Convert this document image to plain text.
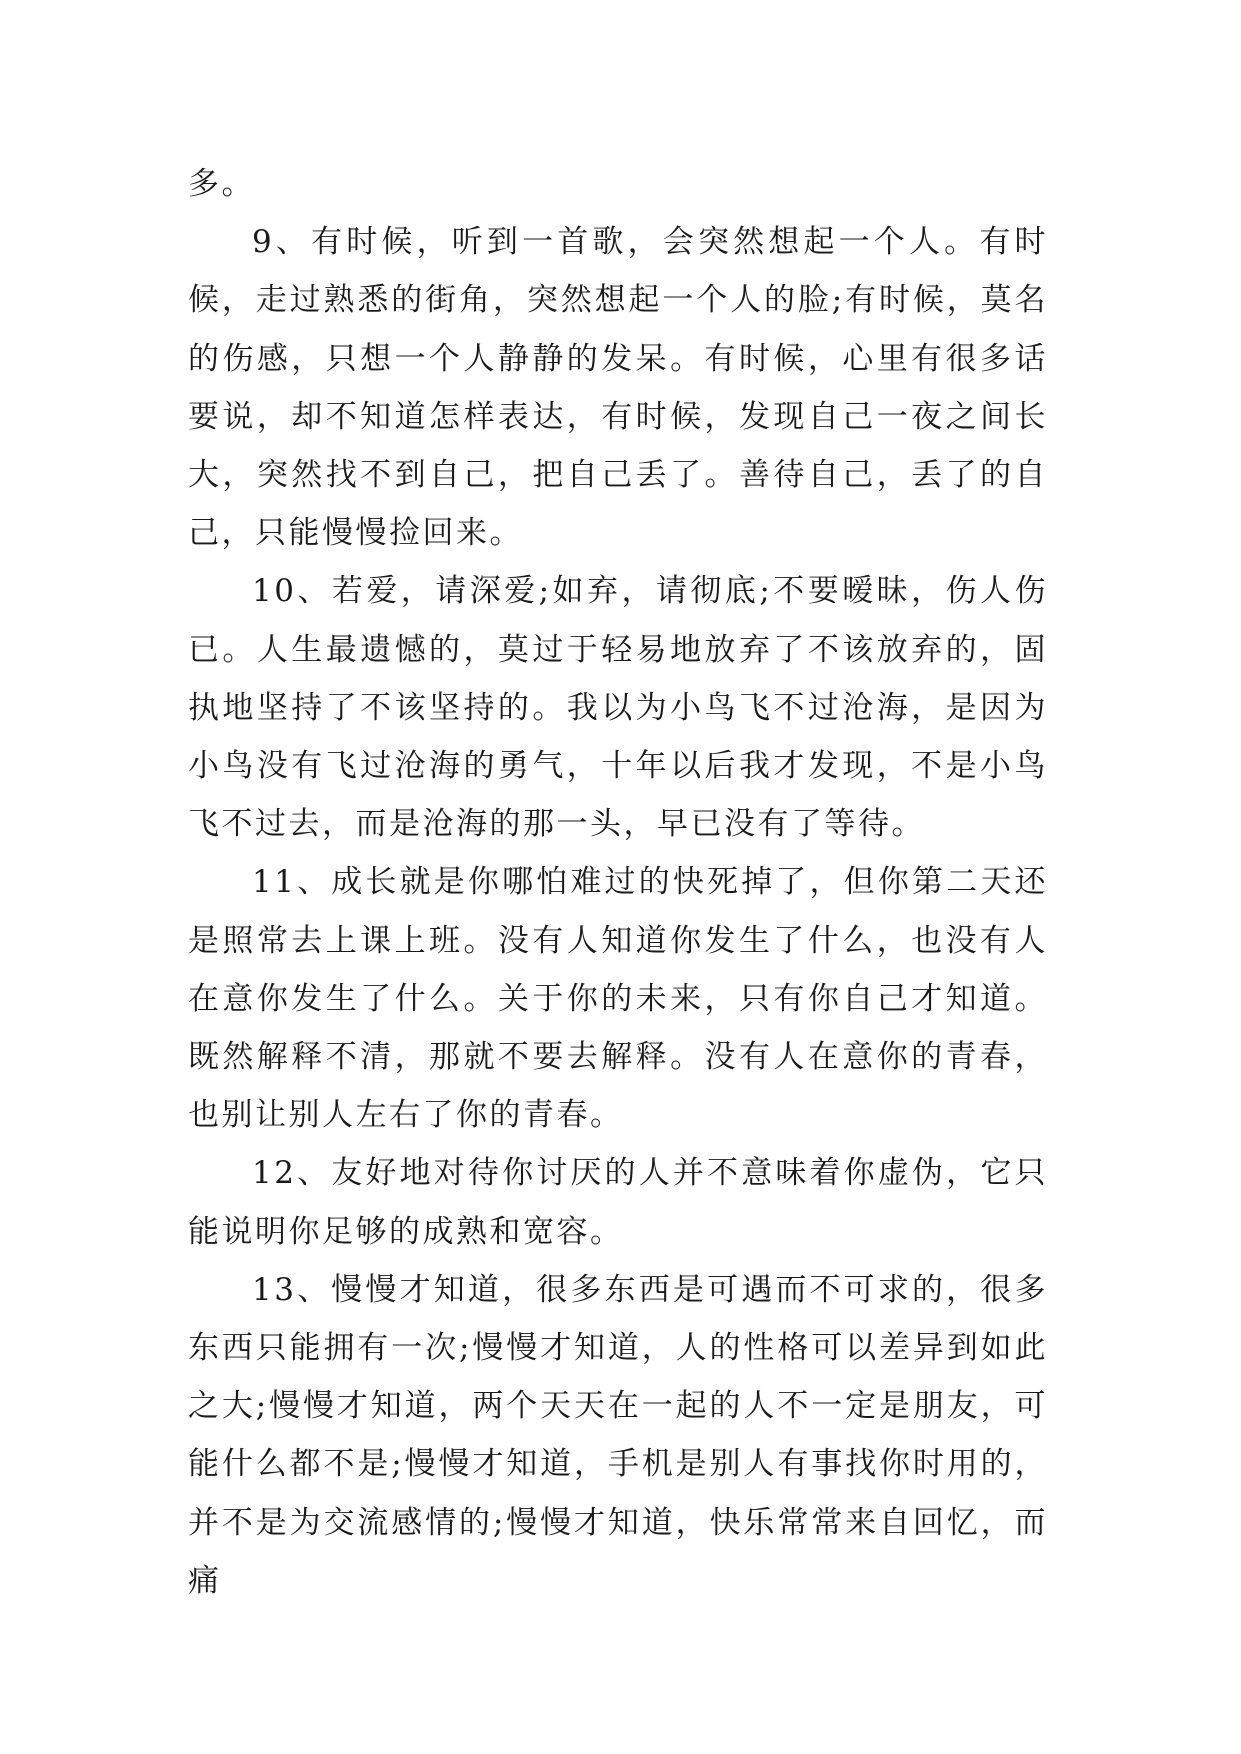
多。

9、有时候，听到一首歌，会突然想起一个人。有时候，走过熟悉的街角，突然想起一个人的脸;有时候，莫名的伤感，只想一个人静静的发呆。有时候，心里有很多话要说，却不知道怎样表达，有时候，发现自己一夜之间长大，突然找不到自己，把自己丢了。善待自己，丢了的自己，只能慢慢捡回来。

10、若爱，请深爱;如弃，请彻底;不要暧昧，伤人伤已。人生最遗憾的，莫过于轻易地放弃了不该放弃的，固执地坚持了不该坚持的。我以为小鸟飞不过沧海，是因为小鸟没有飞过沧海的勇气，十年以后我才发现，不是小鸟飞不过去，而是沧海的那一头，早已没有了等待。

11、成长就是你哪怕难过的快死掉了，但你第二天还是照常去上课上班。没有人知道你发生了什么，也没有人在意你发生了什么。关于你的未来，只有你自己才知道。既然解释不清，那就不要去解释。没有人在意你的青春，也别让别人左右了你的青春。

12、友好地对待你讨厌的人并不意味着你虚伪，它只能说明你足够的成熟和宽容。

13、慢慢才知道，很多东西是可遇而不可求的，很多东西只能拥有一次;慢慢才知道，人的性格可以差异到如此之大;慢慢才知道，两个天天在一起的人不一定是朋友，可能什么都不是;慢慢才知道，手机是别人有事找你时用的，并不是为交流感情的;慢慢才知道，快乐常常来自回忆，而痛
